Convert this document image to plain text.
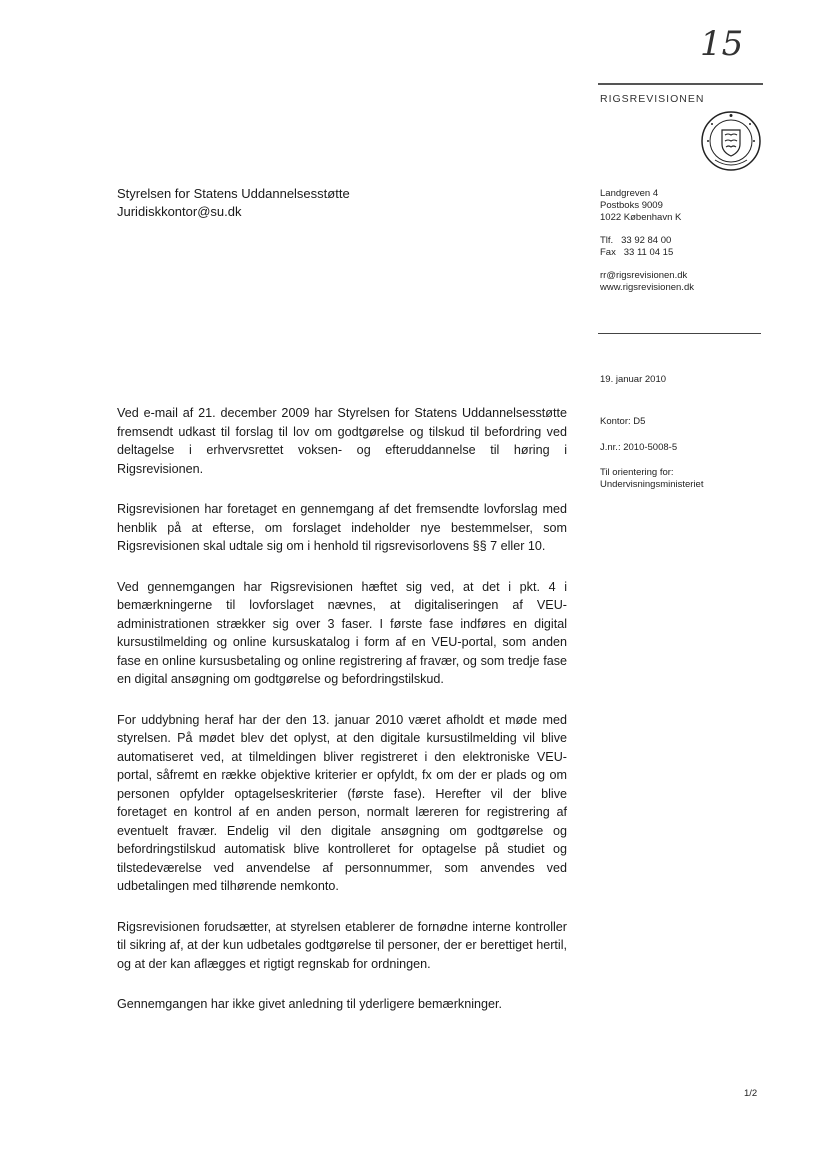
15
RIGSREVISIONEN
Styrelsen for Statens Uddannelsesstøtte
Juridiskkontor@su.dk
Landgreven 4
Postboks 9009
1022 København K
Tlf.   33 92 84 00
Fax   33 11 04 15
rr@rigsrevisionen.dk
www.rigsrevisionen.dk
19. januar 2010
Kontor: D5
J.nr.: 2010-5008-5
Til orientering for:
Undervisningsministeriet

Ved e-mail af 21. december 2009 har Styrelsen for Statens Uddannelsesstøtte fremsendt udkast til forslag til lov om godtgørelse og tilskud til befordring ved deltagelse i erhvervsrettet voksen- og efteruddannelse til høring i Rigsrevisionen.

Rigsrevisionen har foretaget en gennemgang af det fremsendte lovforslag med henblik på at efterse, om forslaget indeholder nye bestemmelser, som Rigsrevisionen skal udtale sig om i henhold til rigsrevisorlovens §§ 7 eller 10.

Ved gennemgangen har Rigsrevisionen hæftet sig ved, at det i pkt. 4 i bemærkningerne til lovforslaget nævnes, at digitaliseringen af VEU-administrationen strækker sig over 3 faser. I første fase indføres en digital kursustilmelding og online kursuskatalog i form af en VEU-portal, som anden fase en online kursusbetaling og online registrering af fravær, og som tredje fase en digital ansøgning om godtgørelse og befordringstilskud.

For uddybning heraf har der den 13. januar 2010 været afholdt et møde med styrelsen. På mødet blev det oplyst, at den digitale kursustilmelding vil blive automatiseret ved, at tilmeldingen bliver registreret i den elektroniske VEU-portal, såfremt en række objektive kriterier er opfyldt, fx om der er plads og om personen opfylder optagelseskriterier (første fase). Herefter vil der blive foretaget en kontrol af en anden person, normalt læreren for registrering af eventuelt fravær. Endelig vil den digitale ansøgning om godtgørelse og befordringstilskud automatisk blive kontrolleret for optagelse på studiet og tilstedeværelse ved anvendelse af personnummer, som anvendes ved udbetalingen med tilhørende nemkonto.

Rigsrevisionen forudsætter, at styrelsen etablerer de fornødne interne kontroller til sikring af, at der kun udbetales godtgørelse til personer, der er berettiget hertil, og at der kan aflægges et rigtigt regnskab for ordningen.

Gennemgangen har ikke givet anledning til yderligere bemærkninger.

1/2
